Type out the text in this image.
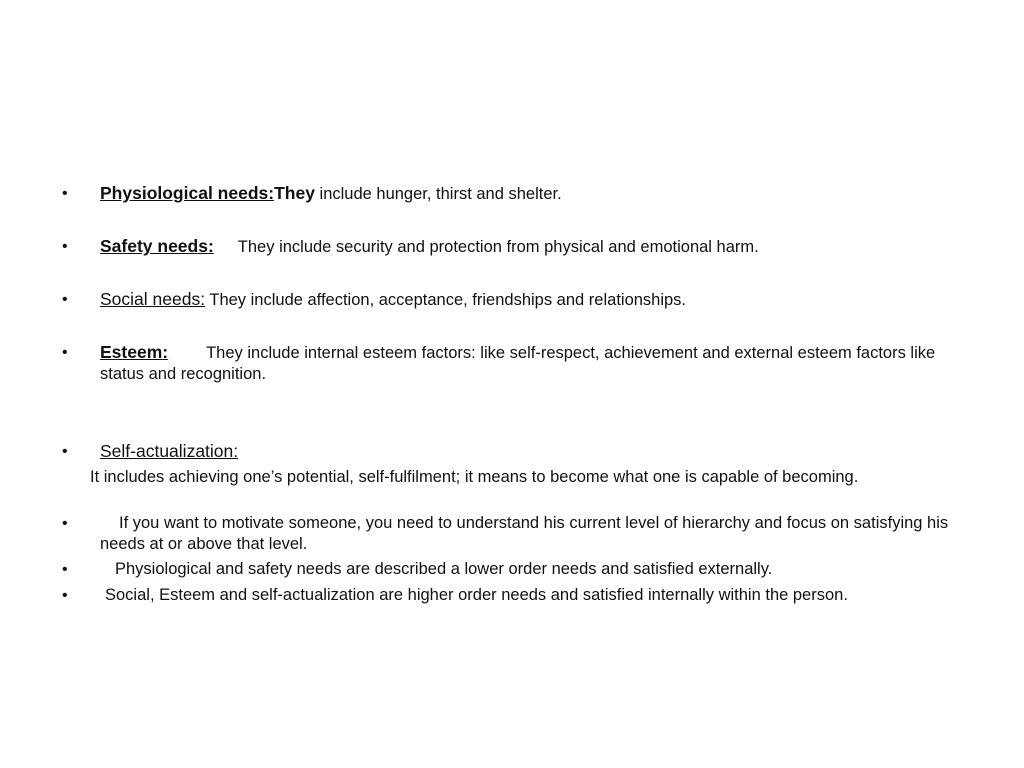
• Physiological needs:They include hunger, thirst and shelter.
• Safety needs: They include security and protection from physical and emotional harm.
• Social needs: They include affection, acceptance, friendships and relationships.
• Esteem: They include internal esteem factors: like self-respect, achievement and external esteem factors like status and recognition.
• Self-actualization:
It includes achieving one’s potential, self-fulfilment; it means to become what one is capable of becoming.
•	If you want to motivate someone, you need to understand his current level of hierarchy and focus on satisfying his needs at or above that level.
•	Physiological and safety needs are described a lower order needs and satisfied externally.
•	Social, Esteem and self-actualization are higher order needs and satisfied internally within the person.
